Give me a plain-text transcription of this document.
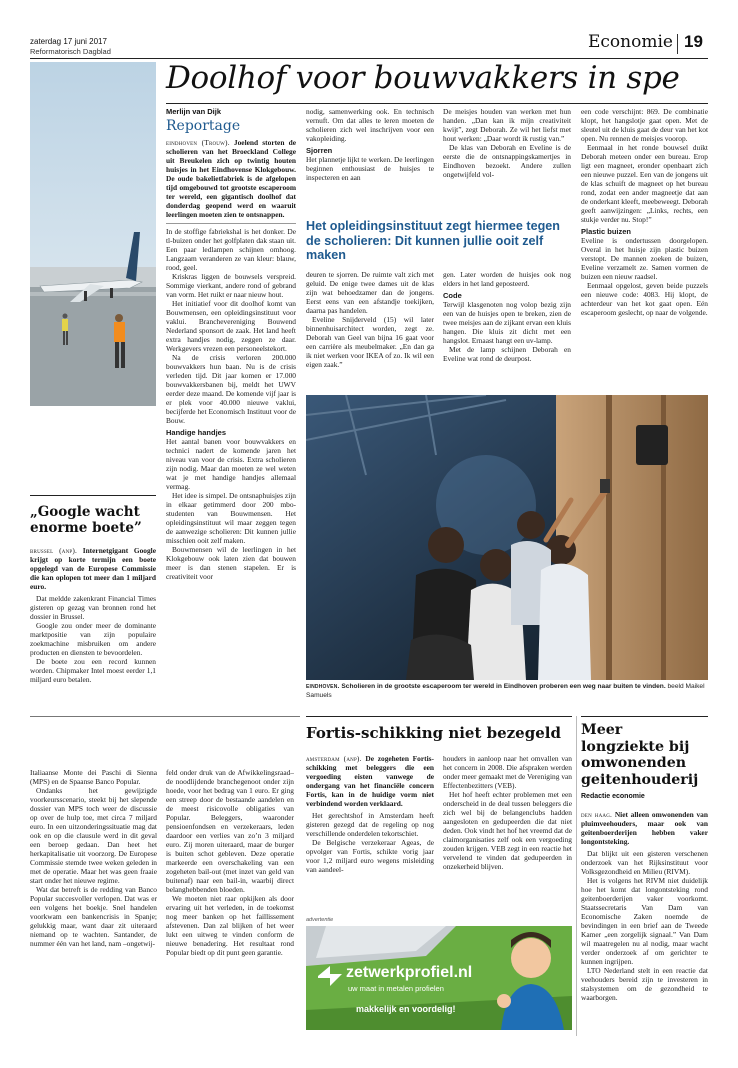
zaterdag 17 juni 2017
Reformatorisch Dagblad	Economie 19
Doolhof voor bouwvakkers in spe
Merlijn van Dijk
Reportage

eindhoven (Trouw). Joelend storten de scholieren van het Broeckland College uit Breukelen zich op twintig houten huisjes in het Eindhovense Klokgebouw. De oude bakelietfabriek is de afgelopen tijd omgebouwd tot grootste escaperoom ter wereld, een gigantisch doolhof dat donderdag geopend werd en waaruit leerlingen moeten zien te ontsnappen.

In de stoffige fabriekshal is het donker. De tl-buizen onder het golfplaten dak staan uit. Een paar ledlampen schijnen omhoog. Langzaam veranderen ze van kleur: blauw, rood, geel.

Kriskras liggen de bouwsels verspreid. Sommige vierkant, andere rond of gebrand van vorm. Het ruikt er naar nieuw hout.

Het initiatief voor dit doolhof komt van Bouwmensen, een opleidingsinstituut voor vaklui. Branchevereniging Bouwend Nederland sponsort de zaak. Het land heeft extra handjes nodig, zeggen ze daar. Werkgevers vrezen een personeelstekort.

Na de crisis verloren 200.000 bouwvakkers hun baan. Nu is de crisis verleden tijd. Dit jaar komen er 17.000 bouwvakkersbanen bij, meldt het UWV eerder deze maand. De komende vijf jaar is er plek voor 40.000 nieuwe vaklui, becijferde het Economisch Instituut voor de Bouw.

Handige handjes

Het aantal banen voor bouwvakkers en technici nadert de komende jaren het niveau van voor de crisis. Extra scholieren zijn nodig. Maar dan moeten ze wel weten wat je met handige handjes allemaal vermag.

Het idee is simpel. De ontsnaphuisjes zijn in elkaar getimmerd door 200 mbo-studenten van Bouwmensen. Het opleidingsinstituut wil maar zeggen tegen de aanwezige scholieren: Dit kunnen jullie misschien ooit zelf maken.

Bouwmensen wil de leerlingen in het Klokgebouw ook laten zien dat bouwen meer is dan stenen stapelen. Er is creativiteit voor

nodig, samenwerking ook. En technisch vernuft. Om dat alles te leren moeten de scholieren zich wel inschrijven voor een vakopleiding.

Sjorren

Het plannetje lijkt te werken. De leerlingen beginnen enthousiast de huisjes te inspecteren en aan

De meisjes houden van werken met hun handen. „Dan kan ik mijn creativiteit kwijt”, zegt Deborah. Ze wil het liefst met hout werken: „Daar wordt ik rustig van.”

De klas van Deborah en Eveline is de eerste die de ontsnappingskamertjes in Eindhoven bezoekt. Andere zullen ongetwijfeld vol-

Het opleidingsinstituut zegt hiermee tegen de scholieren: Dit kunnen jullie ooit zelf maken

deuren te sjorren. De ruimte valt zich met geluid. De enige twee dames uit de klas zijn wat behoedzamer dan de jongens. Eerst eens van een afstandje toekijken, daarna pas handelen.

Eveline Snijderveld (15) wil later binnenhuisarchitect worden, zegt ze. Deborah van Geel van bijna 16 gaat voor een carrière als meubelmaker. „En dan ga ik niet werken voor IKEA of zo. Ik wil een eigen zaak.”

gen. Later worden de huisjes ook nog elders in het land geposteerd.

Code

Terwijl klasgenoten nog volop bezig zijn een van de huisjes open te breken, zien de twee meisjes aan de zijkant ervan een kluis hangen. Die kluis zit dicht met een hangslot. Ernaast hangt een uv-lamp.

Met de lamp schijnen Deborah en Eveline wat rond de deurpost.

een code verschijnt: 869. De combinatie klopt, het hangslotje gaat open. Met de sleutel uit de kluis gaat de deur van het kot open. Nu rennen de meisjes voorop.

Eenmaal in het ronde bouwsel duikt Deborah meteen onder een bureau. Erop ligt een magneet, eronder openbaart zich een nieuwe puzzel. Een van de jongens uit de klas schuift de magneet op het bureau rond, zodat een ander magneetje dat aan de onderkant kleeft, meebeweegt. Deborah geeft aanwijzingen: „Links, rechts, een stukje verder nu. Stop!”

Plastic buizen

Eveline is ondertussen doorgelopen. Overal in het huisje zijn plastic buizen verstopt. De mannen zoeken de buizen, Eveline verzamelt ze. Samen vormen de buizen een nieuw raadsel.

Eenmaal opgelost, geven beide puzzels een nieuwe code: 4083. Hij klopt, de achterdeur van het kot gaat open. Eén escaperoom geslecht, op naar de volgende.

eindhoven. Scholieren in de grootste escaperoom ter wereld in Eindhoven proberen een weg naar buiten te vinden. beeld Maikel Samuels
„Google wacht enorme boete”

brussel (anp). Internetgigant Google krijgt op korte termijn een boete opgelegd van de Europese Commissie die kan oplopen tot meer dan 1 miljard euro.

Dat meldde zakenkrant Financial Times gisteren op gezag van bronnen rond het dossier in Brussel.

Google zou onder meer de dominante marktpositie van zijn populaire zoekmachine misbruiken om andere producten en diensten te bevoordelen.

De boete zou een record kunnen worden. Chipmaker Intel moest eerder 1,1 miljard euro betalen.

Italiaanse Monte dei Paschi di Sienna (MPS) en de Spaanse Banco Popular.

Ondanks het gewijzigde voorkeursscenario, steekt bij het slepende dossier van MPS toch weer de discussie op over de hulp toe, met circa 7 miljard euro. In een uitzonderingssituatie mag dat ook en op die clausule werd in dit geval een beroep gedaan. Dan heet het herkapitalisatie uit voorzorg. De Europese Commissie stemde twee weken geleden in met de operatie. Maar het was geen fraaie start onder het nieuwe regime.

Wat dat betreft is de redding van Banco Popular succesvoller verlopen. Dat was er een volgens het boekje. Snel handelen voorkwam een bankencrisis in Spanje; gelukkig maar, want daar zit uiteraard niemand op te wachten. Santander, de nummer één van het land, nam –ongetwij-

feld onder druk van de Afwikkelingsraad– de noodlijdende branchegenoot onder zijn hoede, voor het bedrag van 1 euro. Er ging een streep door de bestaande aandelen en de meest risicovolle obligaties van Popular. Beleggers, waaronder pensioenfondsen en verzekeraars, leden daardoor een verlies van zo’n 3 miljard euro. Zij moren uiteraard, maar de burger is buiten schot gebleven. Deze operatie markeerde een overschakeling van een zogeheten bail-out (met inzet van geld van buitenaf) naar een bail-in, waarbij direct belanghebbenden bloeden.

We moeten niet raar opkijken als door ervaring uit het verleden, in de toekomst nog meer banken op het faillissement afstevenen. Dan zal blijken of het weer lukt een uitweg te vinden conform de nieuwe benadering. Het resultaat rond Popular biedt op dit punt geen garantie.

Fortis-schikking niet bezegeld

amsterdam (anp). De zogeheten Fortis-schikking met beleggers die een vergoeding eisten vanwege de ondergang van het financiële concern Fortis, kan in de huidige vorm niet verbindend worden verklaard.

Het gerechtshof in Amsterdam heeft gisteren gezegd dat de regeling op nog verschillende onderdelen tekortschiet.

De Belgische verzekeraar Ageas, de opvolger van Fortis, schikte vorig jaar voor 1,2 miljard euro wegens misleiding van aandeel-

houders in aanloop naar het omvallen van het concern in 2008. Die afspraken werden onder meer gemaakt met de Vereniging van Effectenbezitters (VEB).

Het hof heeft echter problemen met een onderscheid in de deal tussen beleggers die zich wel bij de belangenclubs hadden aangesloten en gedupeerden die dat niet deden. Ook vindt het hof het vreemd dat de claimorganisaties zelf ook een vergoeding zouden krijgen. VEB zegt in een reactie het vervelend te vinden dat gedupeerden in onzekerheid blijven.

advertentie
zetwerkprofiel.nl
uw maat in metalen profielen
makkelijk en voordelig!
Meer longziekte bij omwonenden geitenhouderij
Redactie economie

den haag. Niet alleen omwonenden van pluimveehouders, maar ook van geitenboerderijen hebben vaker longontsteking.

Dat blijkt uit een gisteren verschenen onderzoek van het Rijksinstituut voor Volksgezondheid en Milieu (RIVM).

Het is volgens het RIVM niet duidelijk hoe het komt dat longontsteking rond geitenboerderijen vaker voorkomt. Staatssecretaris Van Dam van Economische Zaken noemde de bevindingen in een brief aan de Tweede Kamer „een zorgelijk signaal.” Van Dam wil maatregelen nu al nodig, maar wacht verder onderzoek af om gerichter te kunnen ingrijpen.

LTO Nederland stelt in een reactie dat veehouders bereid zijn te investeren in stalsystemen om de gezondheid te waarborgen.
